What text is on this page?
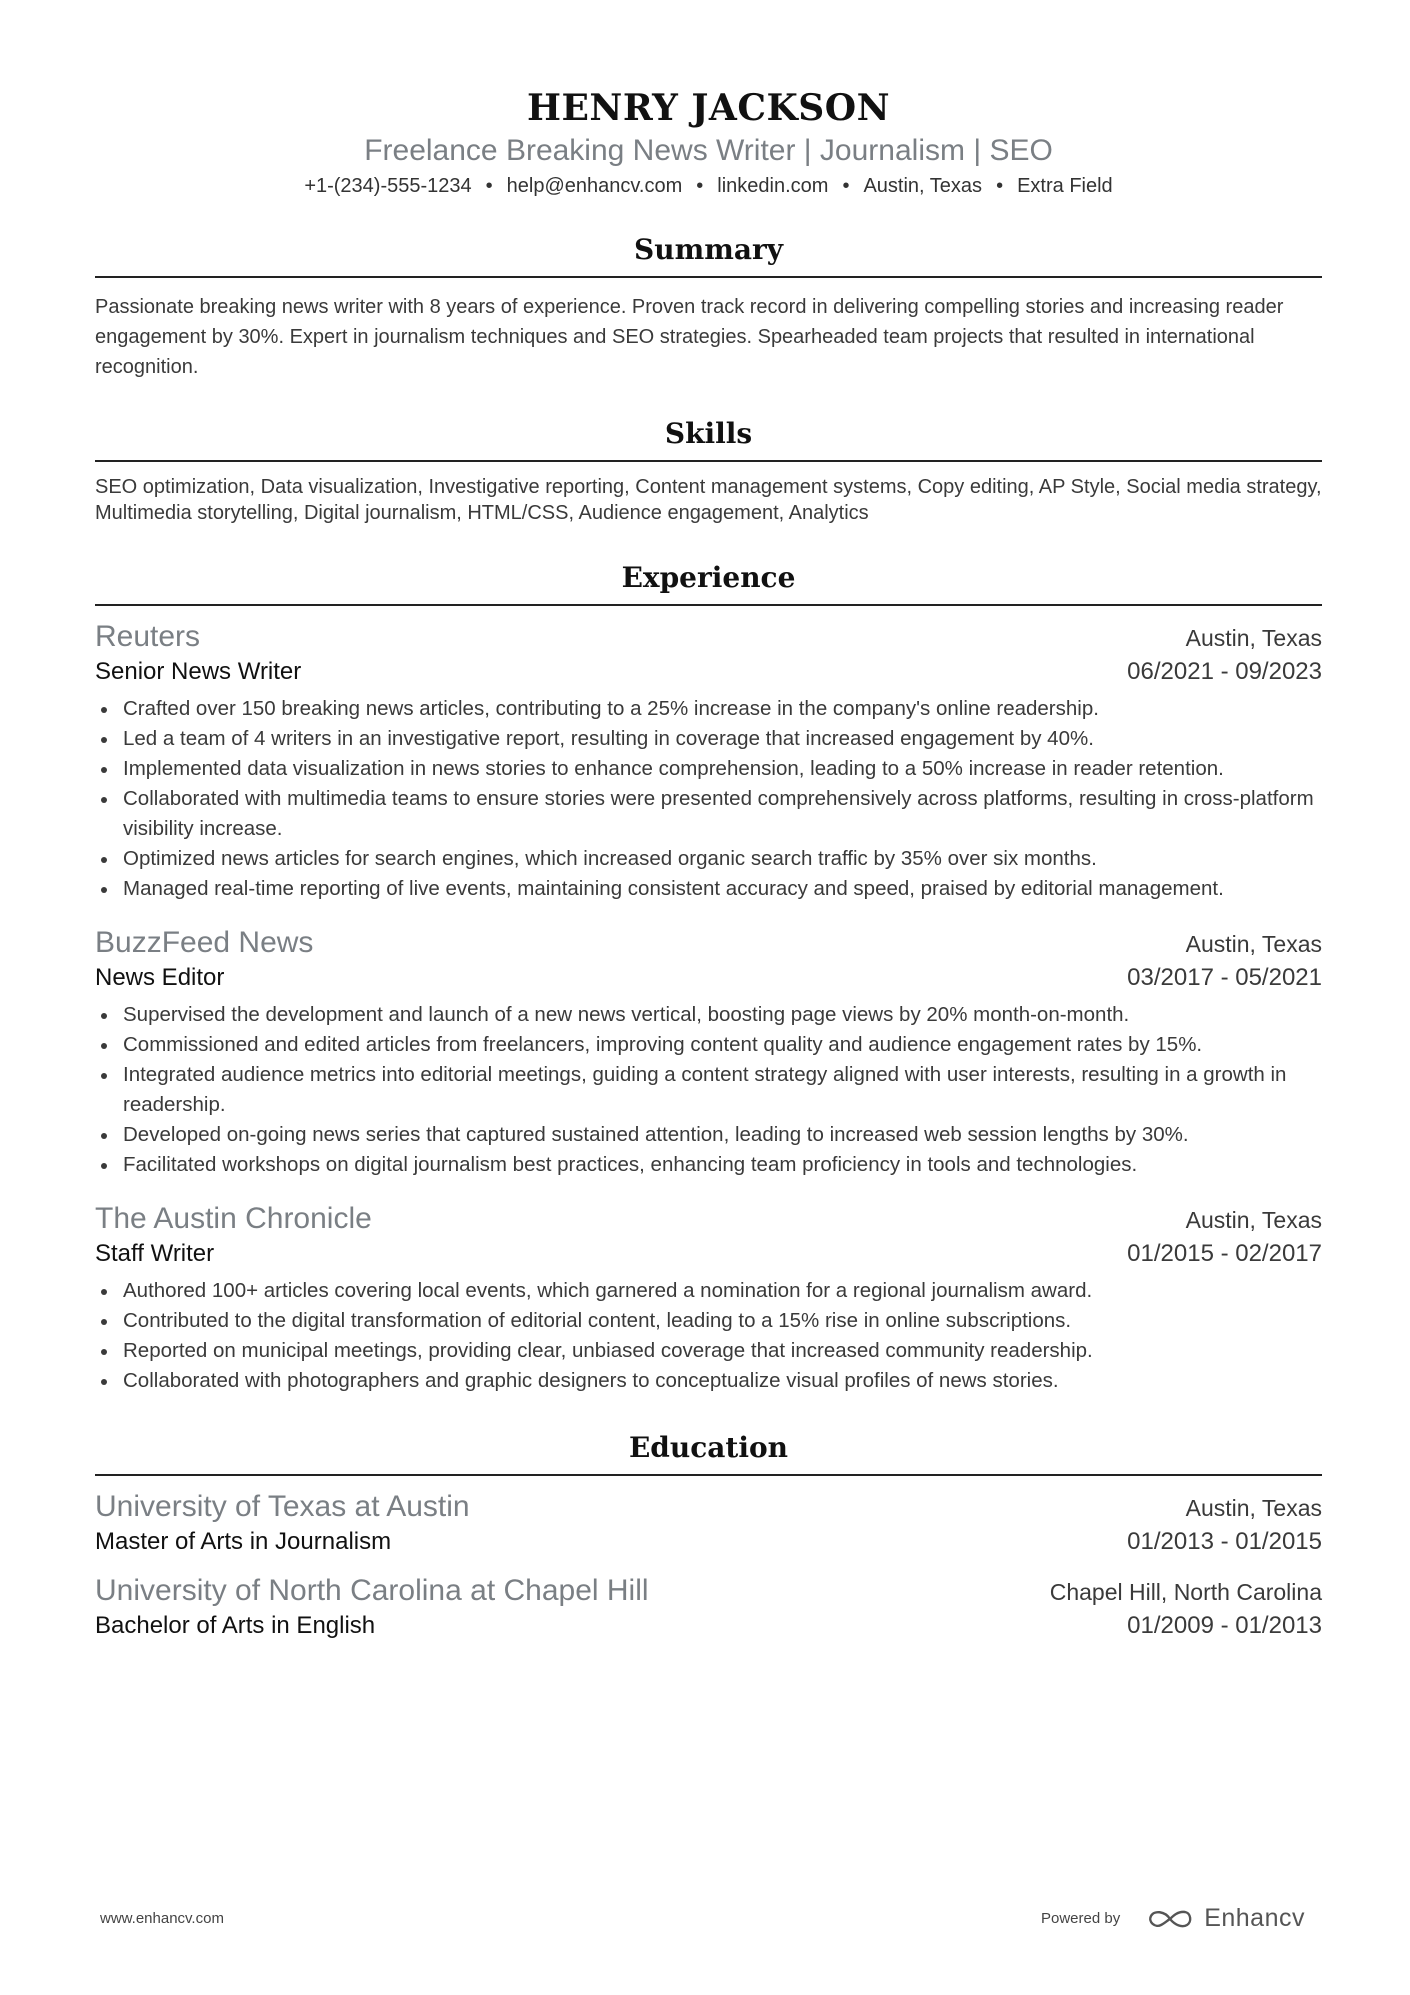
HENRY JACKSON
Freelance Breaking News Writer | Journalism | SEO
+1-(234)-555-1234 • help@enhancv.com • linkedin.com • Austin, Texas • Extra Field
Summary

Passionate breaking news writer with 8 years of experience. Proven track record in delivering compelling stories and increasing reader engagement by 30%. Expert in journalism techniques and SEO strategies. Spearheaded team projects that resulted in international recognition.

Skills

SEO optimization, Data visualization, Investigative reporting, Content management systems, Copy editing, AP Style, Social media strategy, Multimedia storytelling, Digital journalism, HTML/CSS, Audience engagement, Analytics

Experience
Reuters	Austin, Texas
Senior News Writer	06/2021 - 09/2023
Crafted over 150 breaking news articles, contributing to a 25% increase in the company's online readership.
Led a team of 4 writers in an investigative report, resulting in coverage that increased engagement by 40%.
Implemented data visualization in news stories to enhance comprehension, leading to a 50% increase in reader retention.
Collaborated with multimedia teams to ensure stories were presented comprehensively across platforms, resulting in cross-platform visibility increase.
Optimized news articles for search engines, which increased organic search traffic by 35% over six months.
Managed real-time reporting of live events, maintaining consistent accuracy and speed, praised by editorial management.
BuzzFeed News	Austin, Texas
News Editor	03/2017 - 05/2021
Supervised the development and launch of a new news vertical, boosting page views by 20% month-on-month.
Commissioned and edited articles from freelancers, improving content quality and audience engagement rates by 15%.
Integrated audience metrics into editorial meetings, guiding a content strategy aligned with user interests, resulting in a growth in readership.
Developed on-going news series that captured sustained attention, leading to increased web session lengths by 30%.
Facilitated workshops on digital journalism best practices, enhancing team proficiency in tools and technologies.
The Austin Chronicle	Austin, Texas
Staff Writer	01/2015 - 02/2017
Authored 100+ articles covering local events, which garnered a nomination for a regional journalism award.
Contributed to the digital transformation of editorial content, leading to a 15% rise in online subscriptions.
Reported on municipal meetings, providing clear, unbiased coverage that increased community readership.
Collaborated with photographers and graphic designers to conceptualize visual profiles of news stories.
Education
University of Texas at Austin	Austin, Texas
Master of Arts in Journalism	01/2013 - 01/2015
University of North Carolina at Chapel Hill	Chapel Hill, North Carolina
Bachelor of Arts in English	01/2009 - 01/2013
www.enhancv.com	Powered by	Enhancv
